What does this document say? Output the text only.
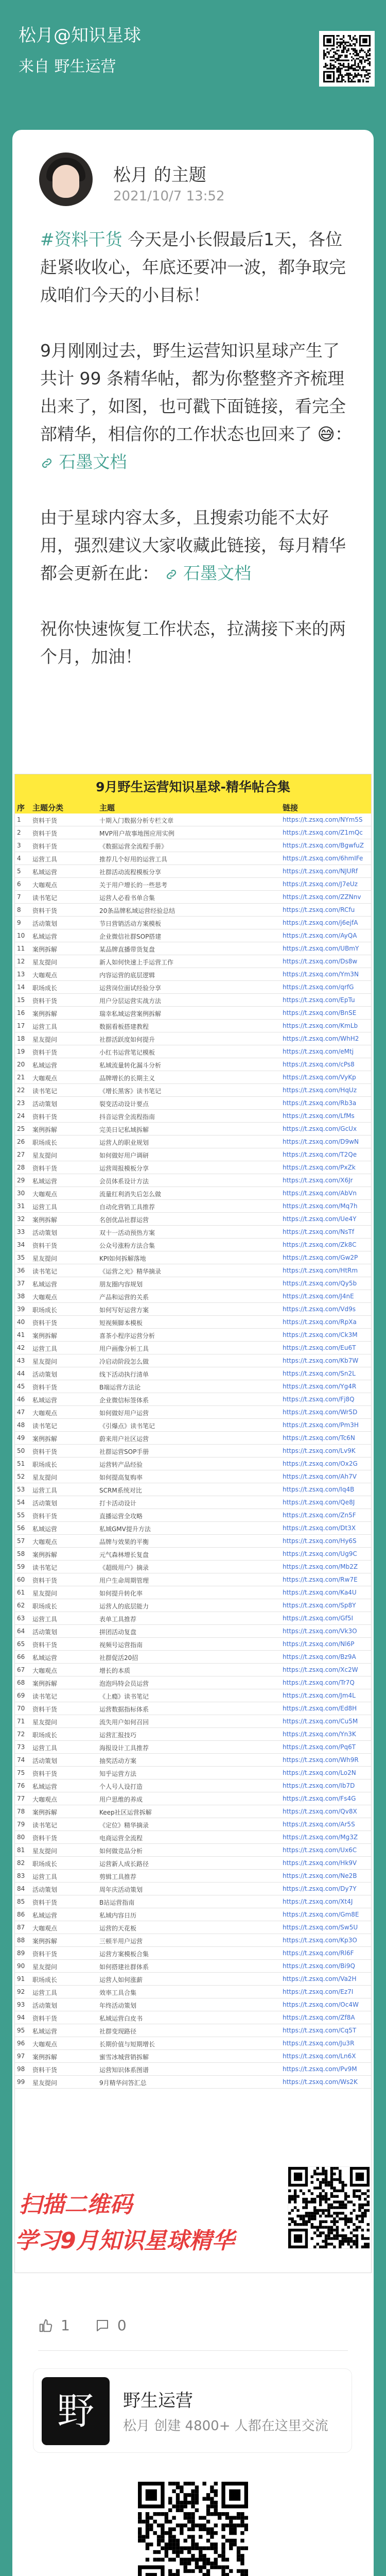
松月@知识星球
来自 野生运营
松月 的主题
2021/10/7 13:52

#资料干货 今天是小长假最后1天，各位赶紧收收心，年底还要冲一波，都争取完成咱们今天的小目标！

9月刚刚过去，野生运营知识星球产生了共计 99 条精华帖，都为你整整齐齐梳理出来了，如图，也可戳下面链接，看完全部精华，相信你的工作状态也回来了 😅：  石墨文档

由于星球内容太多，且搜索功能不太好用，强烈建议大家收藏此链接，每月精华都会更新在此： 石墨文档

祝你快速恢复工作状态，拉满接下来的两个月，加油！

9月野生运营知识星球-精华帖合集
序 主题分类	主题	链接
1	资料干货	十期入门数据分析专栏文章	https://t.zsxq.com/NYm5S
2	资料干货	MVP用户故事地图应用实例	https://t.zsxq.com/Z1mQc
3	资料干货	《数据运营全流程手册》	https://t.zsxq.com/BgwfuZ
4	运营工具	推荐几个好用的运营工具	https://t.zsxq.com/6hmIFe
5	私域运营	社群活动流程模板分享	https://t.zsxq.com/NJURf
6	大咖观点	关于用户增长的一些思考	https://t.zsxq.com/J7eUz
7	读书笔记	运营人必看书单合集	https://t.zsxq.com/ZZNnv
8	资料干货	20条品牌私域运营经验总结	https://t.zsxq.com/RCfu
9	活动策划	节日营销活动方案模板	https://t.zsxq.com/j6ejfA
10	私域运营	企业微信社群SOP搭建	https://t.zsxq.com/AyQA
11	案例拆解	某品牌直播带货复盘	https://t.zsxq.com/UBmY
12	星友提问	新人如何快速上手运营工作	https://t.zsxq.com/Ds8w
13	大咖观点	内容运营的底层逻辑	https://t.zsxq.com/Ym3N
14	职场成长	运营岗位面试经验分享	https://t.zsxq.com/qrfG
15	资料干货	用户分层运营实战方法	https://t.zsxq.com/EpTu
16	案例拆解	瑞幸私域运营案例拆解	https://t.zsxq.com/BnSE
17	运营工具	数据看板搭建教程	https://t.zsxq.com/KmLb
18	星友提问	社群活跃度如何提升	https://t.zsxq.com/WhH2
19	资料干货	小红书运营笔记模板	https://t.zsxq.com/eMtj
20	私域运营	私域流量转化漏斗分析	https://t.zsxq.com/cPs8
21	大咖观点	品牌增长的长期主义	https://t.zsxq.com/VyKp
22	读书笔记	《增长黑客》读书笔记	https://t.zsxq.com/HqUz
23	活动策划	裂变活动设计要点	https://t.zsxq.com/Rb3a
24	资料干货	抖音运营全流程指南	https://t.zsxq.com/LfMs
25	案例拆解	完美日记私域拆解	https://t.zsxq.com/GcUx
26	职场成长	运营人的职业规划	https://t.zsxq.com/D9wN
27	星友提问	如何做好用户调研	https://t.zsxq.com/T2Qe
28	资料干货	运营周报模板分享	https://t.zsxq.com/PxZk
29	私域运营	会员体系设计方法	https://t.zsxq.com/X6Jr
30	大咖观点	流量红利消失后怎么做	https://t.zsxq.com/AbVn
31	运营工具	自动化营销工具推荐	https://t.zsxq.com/Mq7h
32	案例拆解	名创优品社群运营	https://t.zsxq.com/Ue4Y
33	活动策划	双十一活动预热方案	https://t.zsxq.com/NsTf
34	资料干货	公众号涨粉方法合集	https://t.zsxq.com/Zk8C
35	星友提问	KPI如何拆解落地	https://t.zsxq.com/Gw2P
36	读书笔记	《运营之光》精华摘录	https://t.zsxq.com/HtRm
37	私域运营	朋友圈内容规划	https://t.zsxq.com/Qy5b
38	大咖观点	产品和运营的关系	https://t.zsxq.com/J4nE
39	职场成长	如何写好运营方案	https://t.zsxq.com/Vd9s
40	资料干货	短视频脚本模板	https://t.zsxq.com/RpXa
41	案例拆解	喜茶小程序运营分析	https://t.zsxq.com/Ck3M
42	运营工具	用户画像分析工具	https://t.zsxq.com/Eu6T
43	星友提问	冷启动阶段怎么做	https://t.zsxq.com/Kb7W
44	活动策划	线下活动执行清单	https://t.zsxq.com/Sn2L
45	资料干货	B端运营方法论	https://t.zsxq.com/Yg4R
46	私域运营	企业微信标签体系	https://t.zsxq.com/Fj8Q
47	大咖观点	如何做好用户运营	https://t.zsxq.com/Wr5D
48	读书笔记	《引爆点》读书笔记	https://t.zsxq.com/Pm3H
49	案例拆解	蔚来用户社区运营	https://t.zsxq.com/Tc6N
50	资料干货	社群运营SOP手册	https://t.zsxq.com/Lv9K
51	职场成长	运营转产品经验	https://t.zsxq.com/Ox2G
52	星友提问	如何提高复购率	https://t.zsxq.com/Ah7V
53	运营工具	SCRM系统对比	https://t.zsxq.com/Iq4B
54	活动策划	打卡活动设计	https://t.zsxq.com/Qe8J
55	资料干货	直播运营全攻略	https://t.zsxq.com/Zn5F
56	私域运营	私域GMV提升方法	https://t.zsxq.com/Dt3X
57	大咖观点	品牌与效果的平衡	https://t.zsxq.com/Hy6S
58	案例拆解	元气森林增长复盘	https://t.zsxq.com/Ug9C
59	读书笔记	《超级用户》摘录	https://t.zsxq.com/Mb2Z
60	资料干货	用户生命周期管理	https://t.zsxq.com/Rw7E
61	星友提问	如何提升转化率	https://t.zsxq.com/Ka4U
62	职场成长	运营人的底层能力	https://t.zsxq.com/Sp8Y
63	运营工具	表单工具推荐	https://t.zsxq.com/Gf5I
64	活动策划	拼团活动复盘	https://t.zsxq.com/Vk3O
65	资料干货	视频号运营指南	https://t.zsxq.com/Nl6P
66	私域运营	社群促活20招	https://t.zsxq.com/Bz9A
67	大咖观点	增长的本质	https://t.zsxq.com/Xc2W
68	案例拆解	泡泡玛特会员运营	https://t.zsxq.com/Tr7Q
69	读书笔记	《上瘾》读书笔记	https://t.zsxq.com/Jm4L
70	资料干货	运营数据指标体系	https://t.zsxq.com/Ed8H
71	星友提问	流失用户如何召回	https://t.zsxq.com/Cu5M
72	职场成长	运营汇报技巧	https://t.zsxq.com/Yn3K
73	运营工具	海报设计工具推荐	https://t.zsxq.com/Pq6T
74	活动策划	抽奖活动方案	https://t.zsxq.com/Wh9R
75	资料干货	知乎运营方法	https://t.zsxq.com/Lo2N
76	私域运营	个人号人设打造	https://t.zsxq.com/Ib7D
77	大咖观点	用户思维的养成	https://t.zsxq.com/Fs4G
78	案例拆解	Keep社区运营拆解	https://t.zsxq.com/Qv8X
79	读书笔记	《定位》精华摘录	https://t.zsxq.com/Ar5S
80	资料干货	电商运营全流程	https://t.zsxq.com/Mg3Z
81	星友提问	如何做竞品分析	https://t.zsxq.com/Ux6C
82	职场成长	运营新人成长路径	https://t.zsxq.com/Hk9V
83	运营工具	剪辑工具推荐	https://t.zsxq.com/Ne2B
84	活动策划	周年庆活动策划	https://t.zsxq.com/Dy7Y
85	资料干货	B站运营指南	https://t.zsxq.com/Xt4J
86	私域运营	私域内容日历	https://t.zsxq.com/Gm8E
87	大咖观点	运营的天花板	https://t.zsxq.com/Sw5U
88	案例拆解	三顿半用户运营	https://t.zsxq.com/Kp3O
89	资料干货	运营方案模板合集	https://t.zsxq.com/Rl6F
90	星友提问	如何搭建社群体系	https://t.zsxq.com/Bi9Q
91	职场成长	运营人如何涨薪	https://t.zsxq.com/Va2H
92	运营工具	效率工具合集	https://t.zsxq.com/Ez7I
93	活动策划	年终活动策划	https://t.zsxq.com/Oc4W
94	资料干货	私域运营白皮书	https://t.zsxq.com/Zf8A
95	私域运营	社群变现路径	https://t.zsxq.com/Cq5T
96	大咖观点	长期价值与短期增长	https://t.zsxq.com/Ju3R
97	案例拆解	蜜雪冰城营销拆解	https://t.zsxq.com/Ln6X
98	资料干货	运营知识体系图谱	https://t.zsxq.com/Pv9M
99	星友提问	9月精华问答汇总	https://t.zsxq.com/Ws2K
扫描二维码
学习9月知识星球精华
1	0
野	野生运营
松月 创建 4800+ 人都在这里交流
